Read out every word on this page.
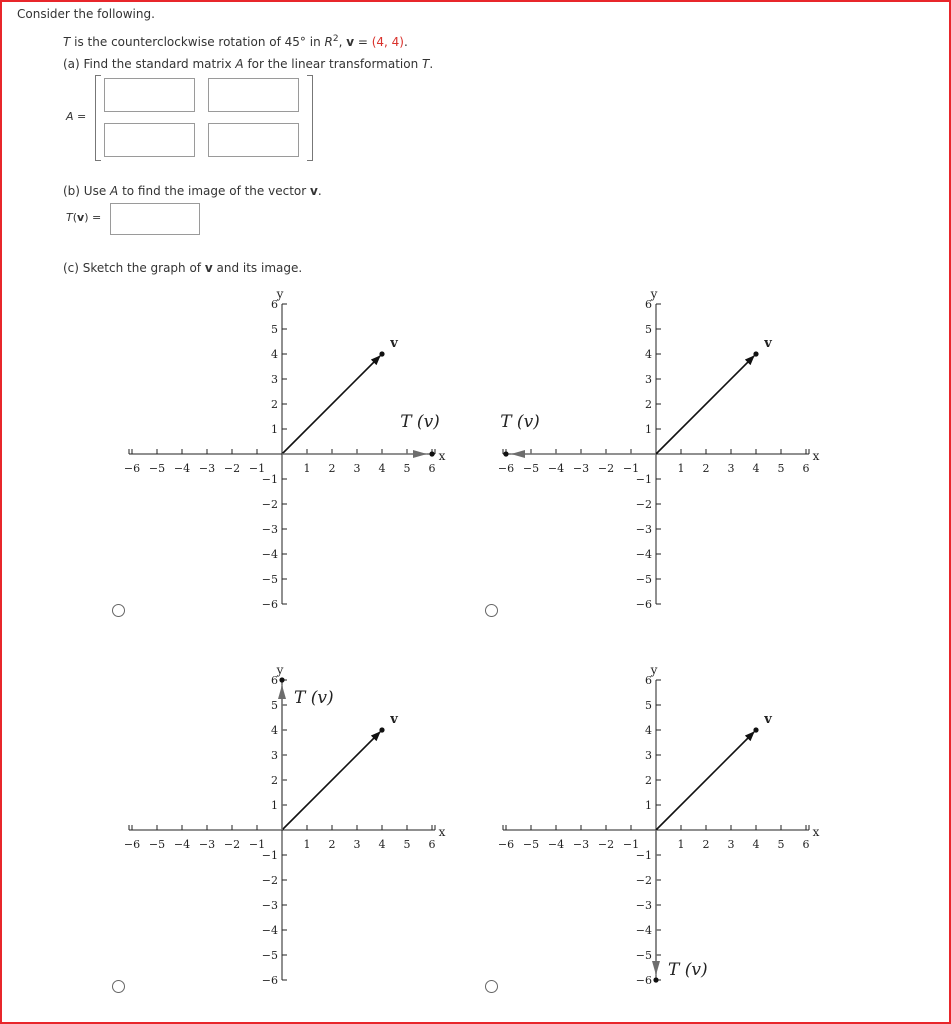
Consider the following.
T is the counterclockwise rotation of 45° in $R^2$, v = (4, 4).
(a) Find the standard matrix A for the linear transformation T.
A =
(b) Use A to find the image of the vector v.
T(v) =
(c) Sketch the graph of v and its image.
−6 −5 −4 −3 −2 −1	1 2 3 4 5 6
6
5
4
3
2
1
−1
−2
−3
−4
−5
−6
y
x
v
T (v)
−6 −5 −4 −3 −2 −1	1 2 3 4 5 6
6
5
4
3
2
1
−1
−2
−3
−4
−5
−6
y
x
v
T (v)
−6 −5 −4 −3 −2 −1	1 2 3 4 5 6
6
5
4
3
2
1
−1
−2
−3
−4
−5
−6
y
x
v
T (v)
−6 −5 −4 −3 −2 −1	1 2 3 4 5 6
6
5
4
3
2
1
−1
−2
−3
−4
−5
−6
y
x
v
T (v)
